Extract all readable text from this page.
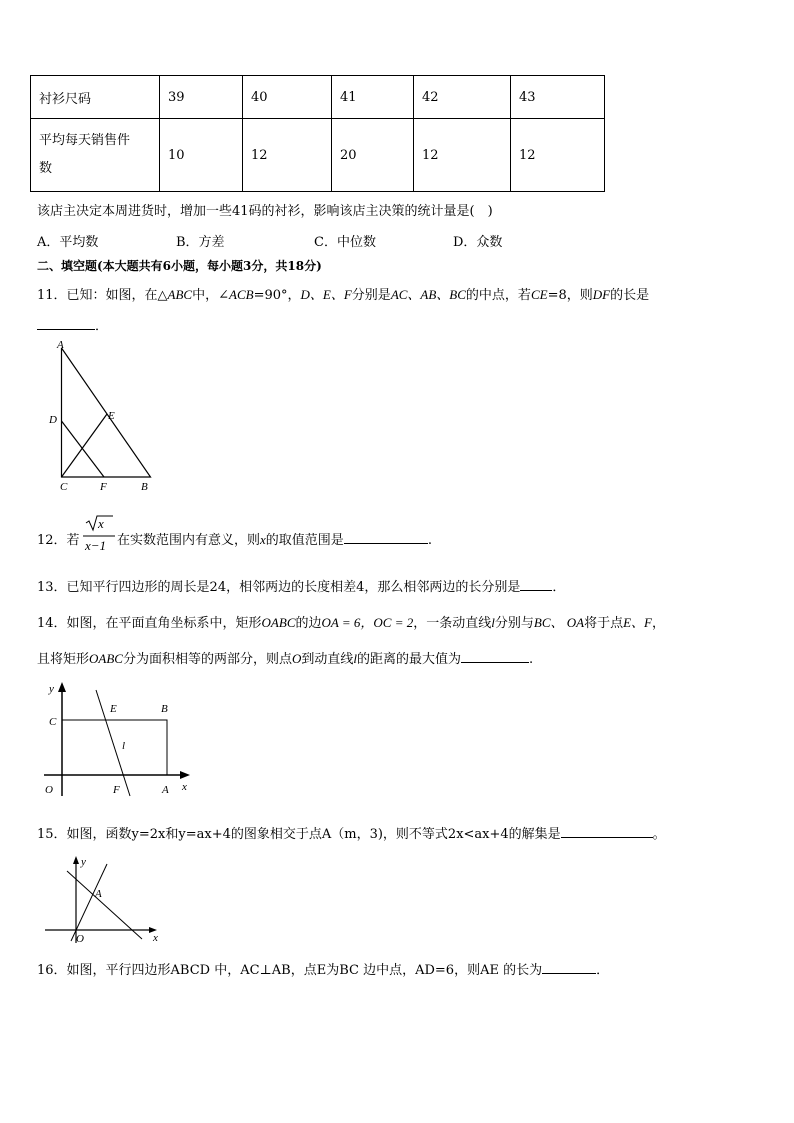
衬衫尺码	39	40	41	42	43
平均每天销售件
数	10	12	20	12	12
该店主决定本周进货时，增加一些41码的衬衫，影响该店主决策的统计量是(　)
A．平均数	B．方差	C．中位数	D．众数
二、填空题(本大题共有6小题，每小题3分，共18分)
11．已知：如图，在△ABC中，∠ACB=90°，D、E、F分别是AC、AB、BC的中点，若CE=8，则DF的长是
．
A
D	E
C	F	B
12．若
x
x−1 在实数范围内有意义，则x的取值范围是	.
13．已知平行四边形的周长是24，相邻两边的长度相差4，那么相邻两边的长分别是 ．
14．如图，在平面直角坐标系中，矩形OABC的边OA = 6，OC = 2，一条动直线l分别与BC、 OA将于点E、F，
且将矩形OABC分为面积相等的两部分，则点O到动直线l的距离的最大值为	.
y
x
O
C
E	B
l
F	A
15．如图，函数y=2x和y=ax+4的图象相交于点A（m，3)，则不等式2x<ax+4的解集是	。
y
x
A
O
16．如图，平行四边形ABCD 中，AC⊥AB，点E为BC 边中点，AD=6，则AE 的长为	．
